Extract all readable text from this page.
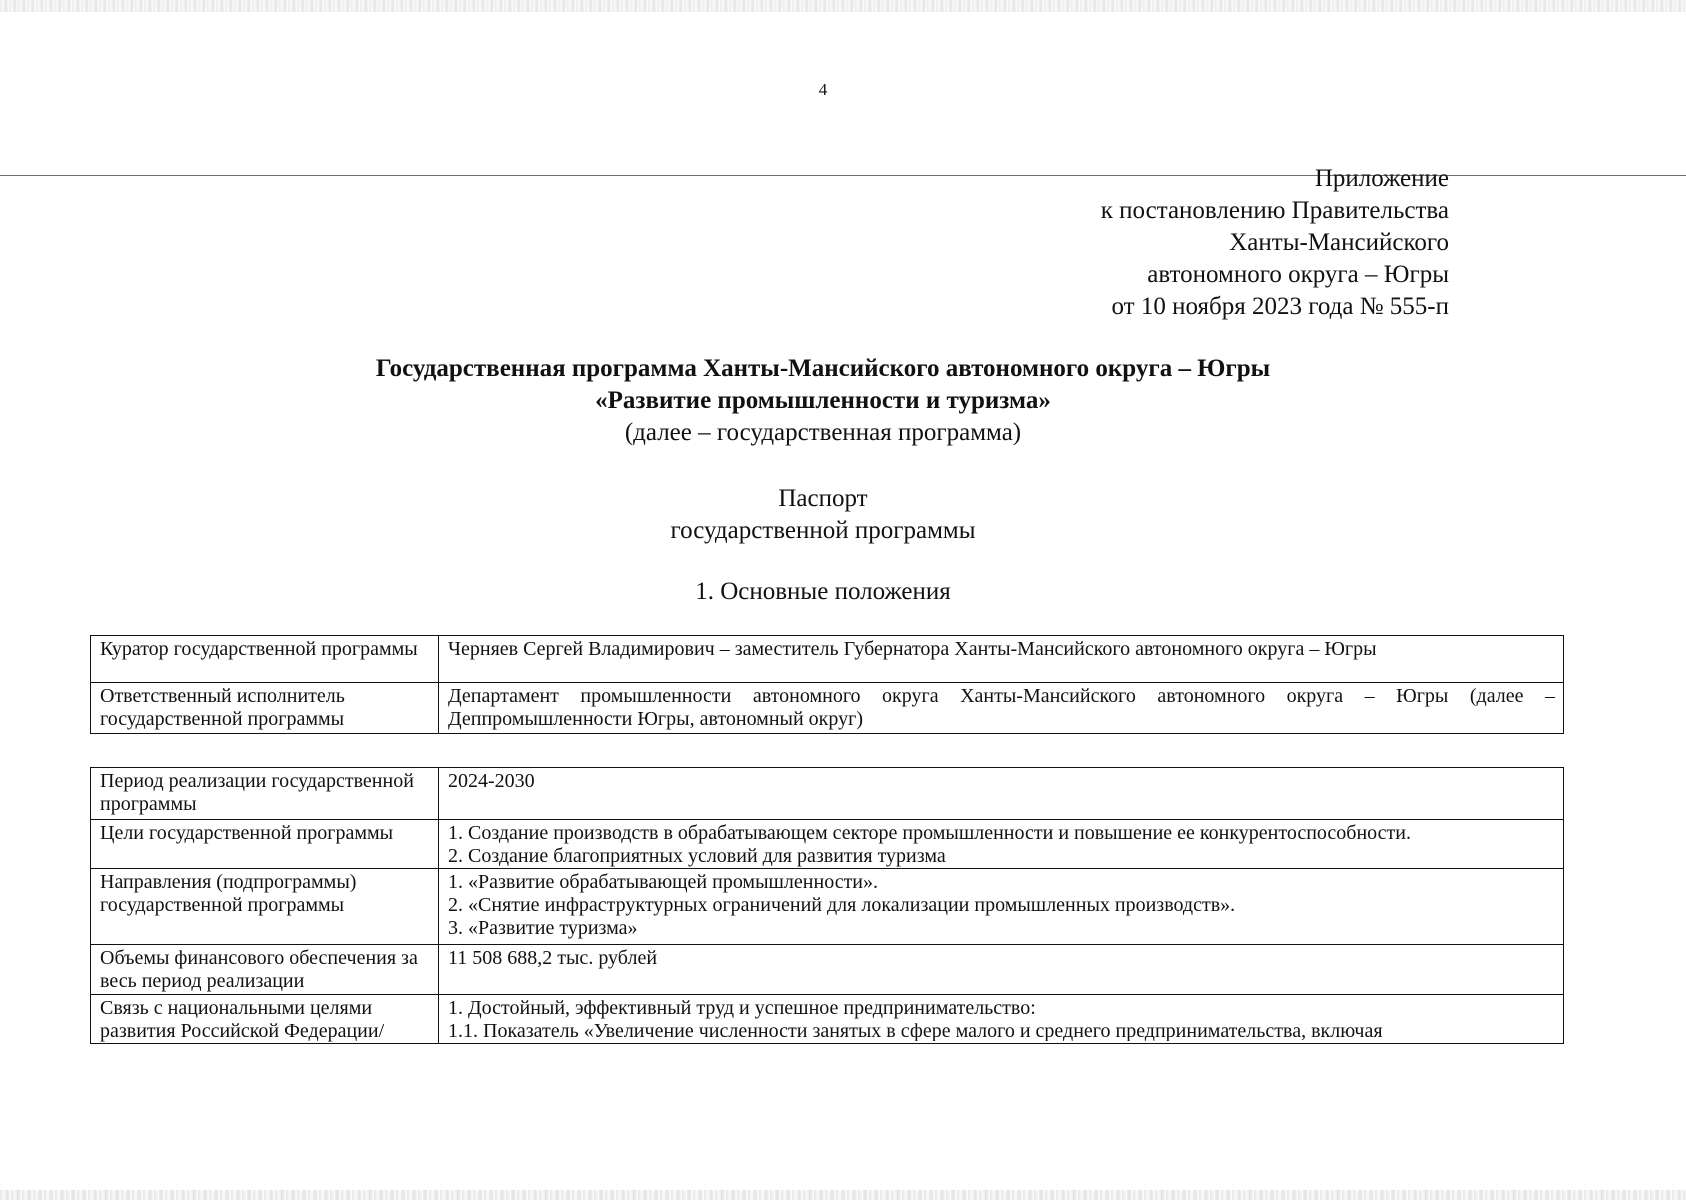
4
Приложение
к постановлению Правительства
Ханты-Мансийского
автономного округа – Югры
от 10 ноября 2023 года № 555-п
Государственная программа Ханты-Мансийского автономного округа – Югры
«Развитие промышленности и туризма»
(далее – государственная программа)
Паспорт
государственной программы
1. Основные положения
Куратор государственной программы	Черняев Сергей Владимирович – заместитель Губернатора Ханты-Мансийского автономного округа – Югры
Ответственный исполнитель государственной программы	Департамент промышленности автономного округа Ханты-Мансийского автономного округа – Югры (далее – Деппромышленности Югры, автономный округ)
Период реализации государственной программы	2024-2030
Цели государственной программы	1. Создание производств в обрабатывающем секторе промышленности и повышение ее конкурентоспособности.
2. Создание благоприятных условий для развития туризма

Направления (подпрограммы) государственной программы	1. «Развитие обрабатывающей промышленности».
2. «Снятие инфраструктурных ограничений для локализации промышленных производств».
3. «Развитие туризма»

Объемы финансового обеспечения за весь период реализации	11 508 688,2 тыс. рублей
Связь с национальными целями развития Российской Федерации/	1. Достойный, эффективный труд и успешное предпринимательство:
1.1. Показатель «Увеличение численности занятых в сфере малого и среднего предпринимательства, включая
